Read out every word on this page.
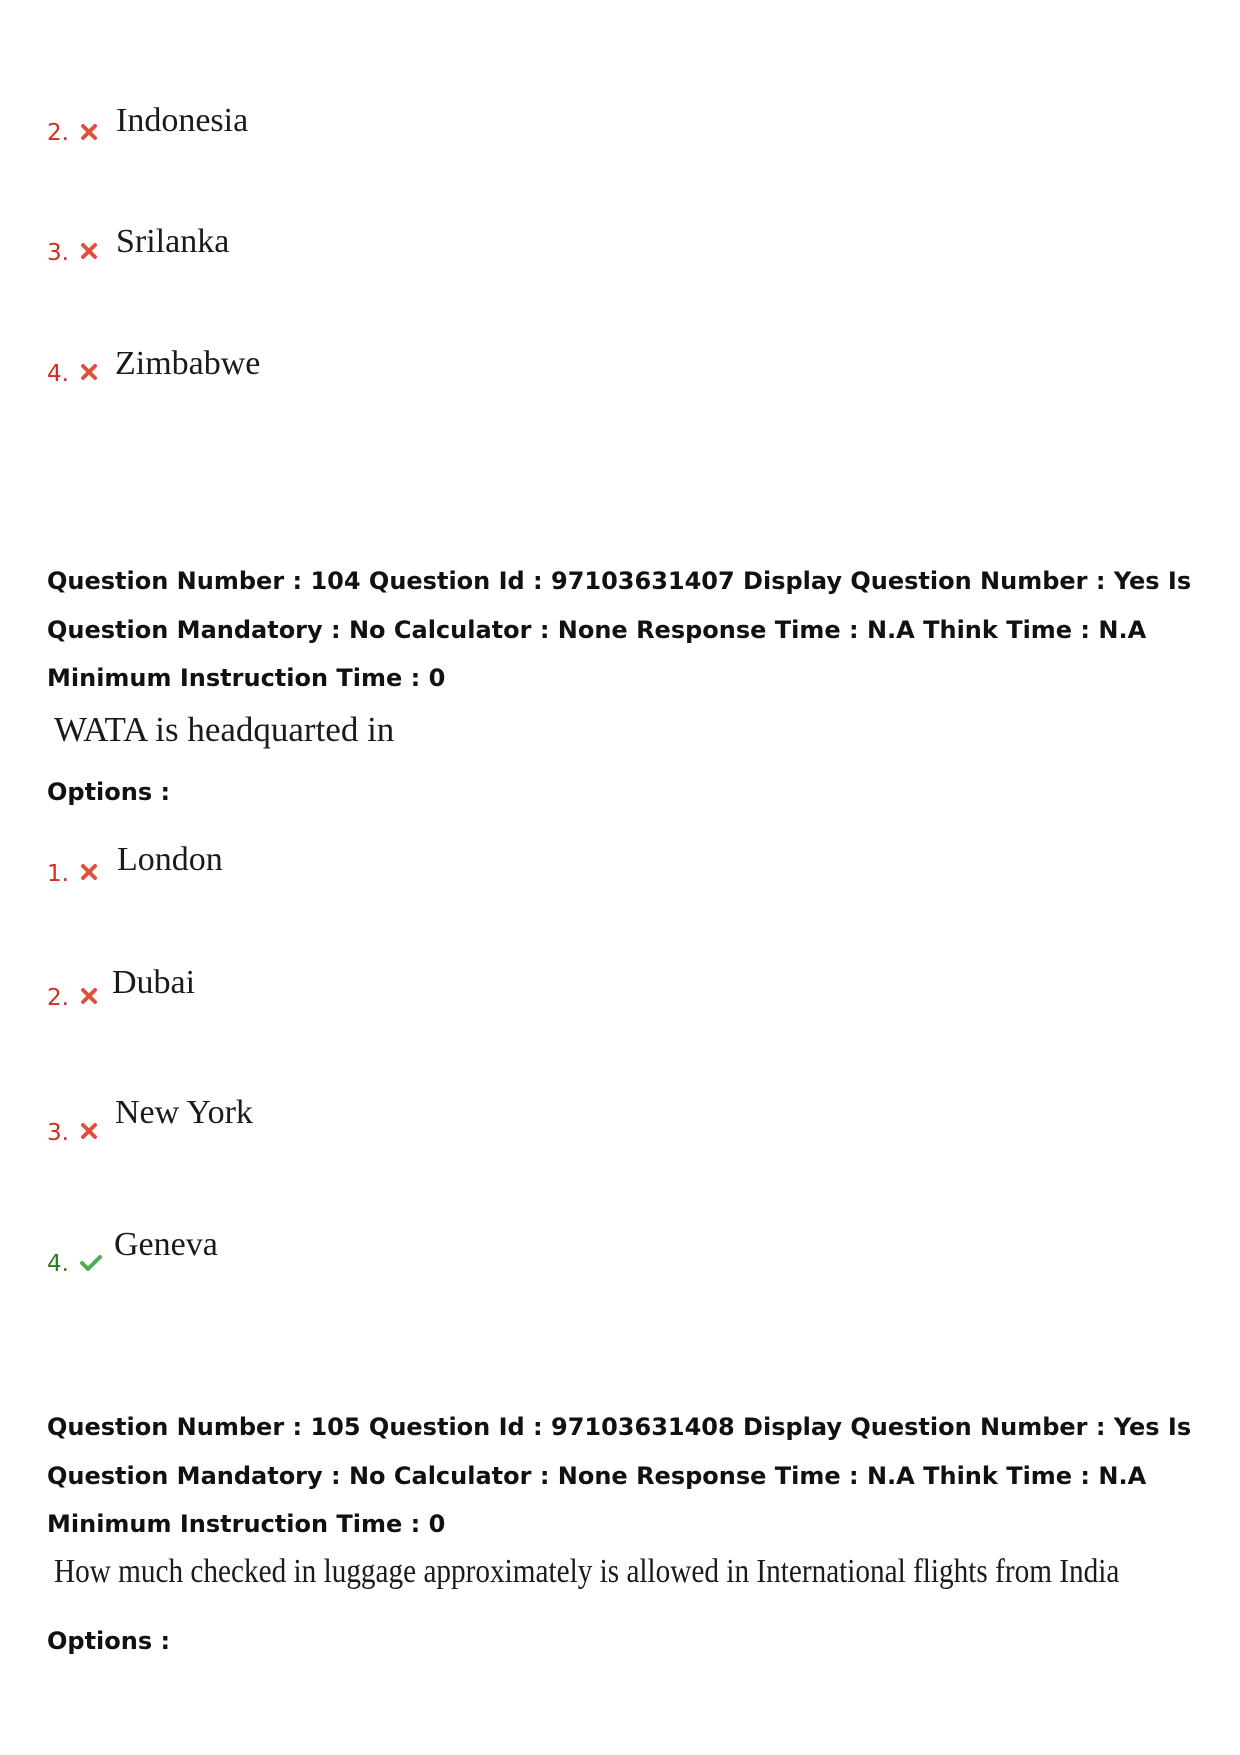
2. Indonesia
3. Srilanka
4. Zimbabwe
Question Number : 104 Question Id : 97103631407 Display Question Number : Yes Is Question Mandatory : No Calculator : None Response Time : N.A Think Time : N.A Minimum Instruction Time : 0
WATA is headquarted in
Options :
1. London
2. Dubai
3.
New York
4.
Geneva
Question Number : 105 Question Id : 97103631408 Display Question Number : Yes Is Question Mandatory : No Calculator : None Response Time : N.A Think Time : N.A Minimum Instruction Time : 0
How much checked in luggage approximately is allowed in International flights from India
Options :
